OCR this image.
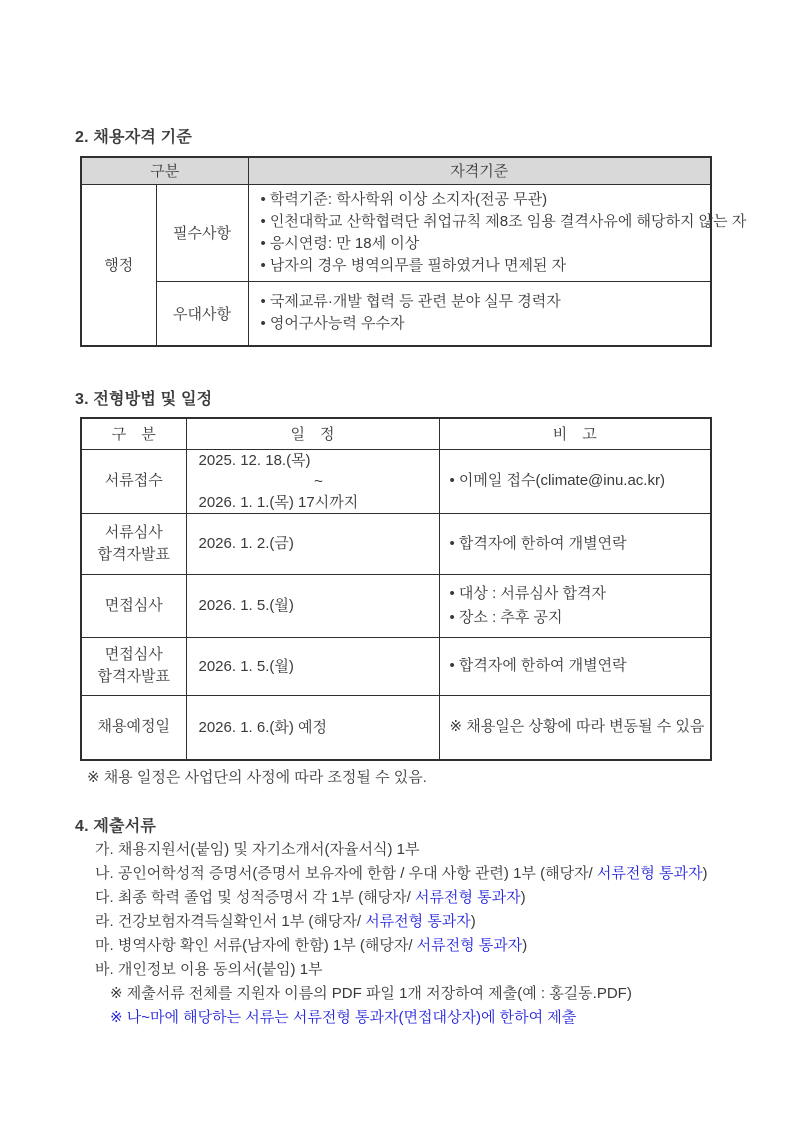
2. 채용자격 기준
구분		자격기준
행정	필수사항	• 학력기준: 학사학위 이상 소지자(전공 무관)
• 인천대학교 산학협력단 취업규칙 제8조 임용 결격사유에 해당하지 않는 자
• 응시연령: 만 18세 이상
• 남자의 경우 병역의무를 필하였거나 면제된 자

	우대사항	• 국제교류·개발 협력 등 관련 분야 실무 경력자
• 영어구사능력 우수자
3. 전형방법 및 일정
구　분	일　정	비　고

서류접수	2025. 12. 18.(목)
~
2026. 1. 1.(목) 17시까지	• 이메일 접수(climate@inu.ac.kr)

서류심사
합격자발표	2026. 1. 2.(금)	• 합격자에 한하여 개별연락

면접심사	2026. 1. 5.(월)	• 대상 : 서류심사 합격자
• 장소 : 추후 공지

면접심사
합격자발표	2026. 1. 5.(월)	• 합격자에 한하여 개별연락

채용예정일	2026. 1. 6.(화) 예정	※ 채용일은 상황에 따라 변동될 수 있음
※ 채용 일정은 사업단의 사정에 따라 조정될 수 있음.
4. 제출서류
가. 채용지원서(붙임) 및 자기소개서(자율서식) 1부
나. 공인어학성적 증명서(증명서 보유자에 한함 / 우대 사항 관련) 1부 (해당자/ 서류전형 통과자)
다. 최종 학력 졸업 및 성적증명서 각 1부 (해당자/ 서류전형 통과자)
라. 건강보험자격득실확인서 1부 (해당자/ 서류전형 통과자)
마. 병역사항 확인 서류(남자에 한함) 1부 (해당자/ 서류전형 통과자)
바. 개인정보 이용 동의서(붙임) 1부
※ 제출서류 전체를 지원자 이름의 PDF 파일 1개 저장하여 제출(예 : 홍길동.PDF)
※ 나~마에 해당하는 서류는 서류전형 통과자(면접대상자)에 한하여 제출
